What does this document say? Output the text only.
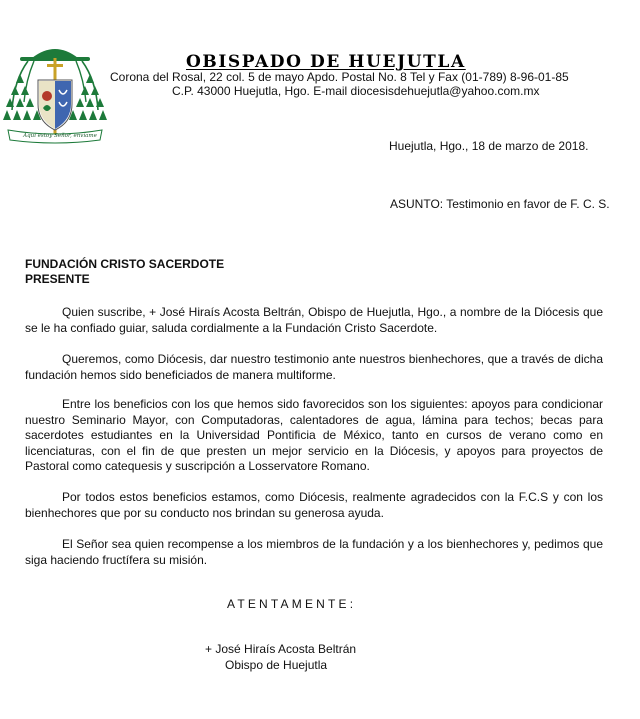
Aquí estoy Señor, envíame
OBISPADO DE HUEJUTLA
Corona del Rosal, 22 col. 5 de mayo Apdo. Postal No. 8 Tel y Fax (01-789) 8-96-01-85
C.P. 43000 Huejutla, Hgo. E-mail diocesisdehuejutla@yahoo.com.mx
Huejutla, Hgo., 18 de marzo de 2018.
ASUNTO: Testimonio en favor de F. C. S.
FUNDACIÓN CRISTO SACERDOTE
PRESENTE

Quien suscribe, + José Hiraís Acosta Beltrán, Obispo de Huejutla, Hgo., a nombre de la Diócesis que se le ha confiado guiar, saluda cordialmente a la Fundación Cristo Sacerdote.

Queremos, como Diócesis, dar nuestro testimonio ante nuestros bienhechores, que a través de dicha fundación hemos sido beneficiados de manera multiforme.

Entre los beneficios con los que hemos sido favorecidos son los siguientes: apoyos para condicionar nuestro Seminario Mayor, con Computadoras, calentadores de agua, lámina para techos; becas para sacerdotes estudiantes en la Universidad Pontificia de México, tanto en cursos de verano como en licenciaturas, con el fin de que presten un mejor servicio en la Diócesis, y apoyos para proyectos de Pastoral como catequesis y suscripción a Losservatore Romano.

Por todos estos beneficios estamos, como Diócesis, realmente agradecidos con la F.C.S y con los bienhechores que por su conducto nos brindan su generosa ayuda.

El Señor sea quien recompense a los miembros de la fundación y a los bienhechores y, pedimos que siga haciendo fructífera su misión.

ATENTAMENTE:
+ José Hiraís Acosta Beltrán
Obispo de Huejutla
